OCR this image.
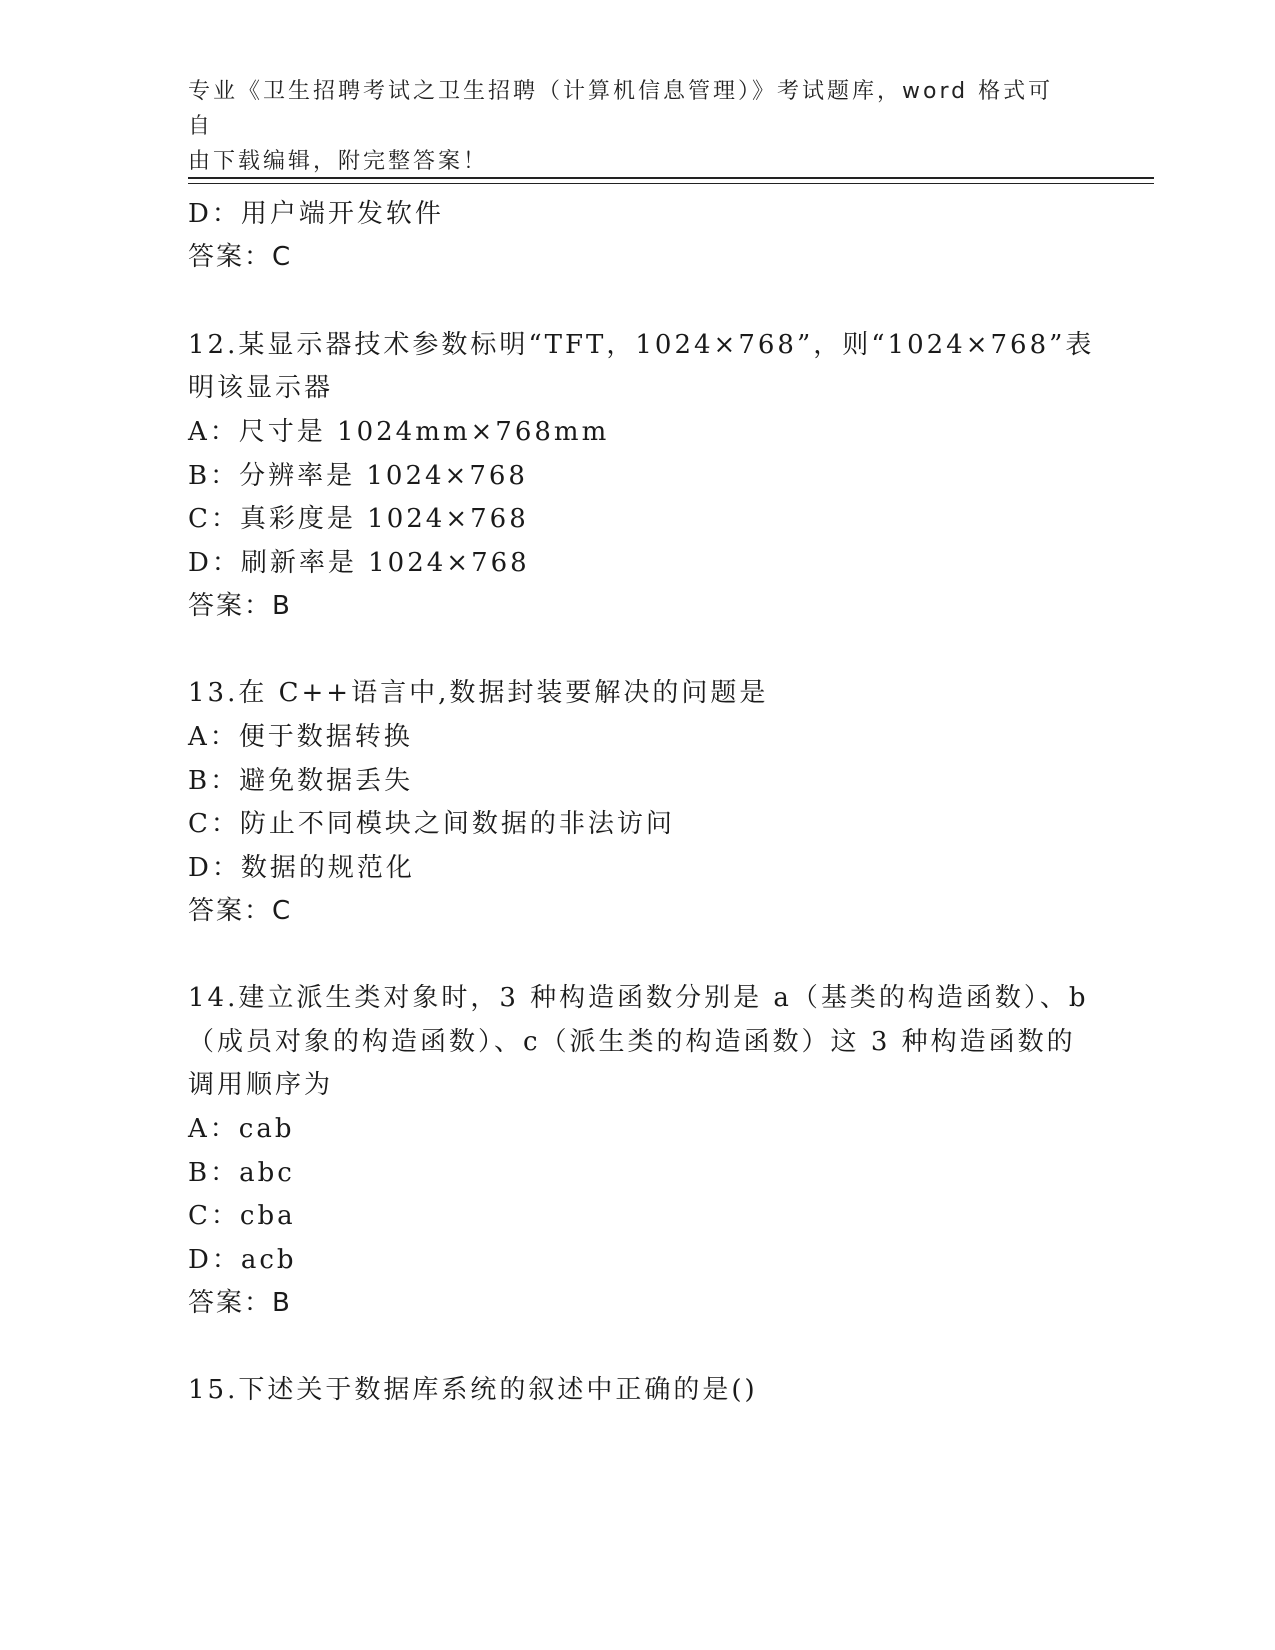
专业《卫生招聘考试之卫生招聘（计算机信息管理）》考试题库，word 格式可自
由下载编辑，附完整答案！
D：用户端开发软件
答案：C
12.某显示器技术参数标明“TFT，1024×768”，则“1024×768”表
明该显示器
A：尺寸是 1024mm×768mm
B：分辨率是 1024×768
C：真彩度是 1024×768
D：刷新率是 1024×768
答案：B
13.在 C++语言中,数据封装要解决的问题是
A：便于数据转换
B：避免数据丢失
C：防止不同模块之间数据的非法访问
D：数据的规范化
答案：C
14.建立派生类对象时，3 种构造函数分别是 a（基类的构造函数）、b
（成员对象的构造函数）、c（派生类的构造函数）这 3 种构造函数的
调用顺序为
A：cab
B：abc
C：cba
D：acb
答案：B
15.下述关于数据库系统的叙述中正确的是()
